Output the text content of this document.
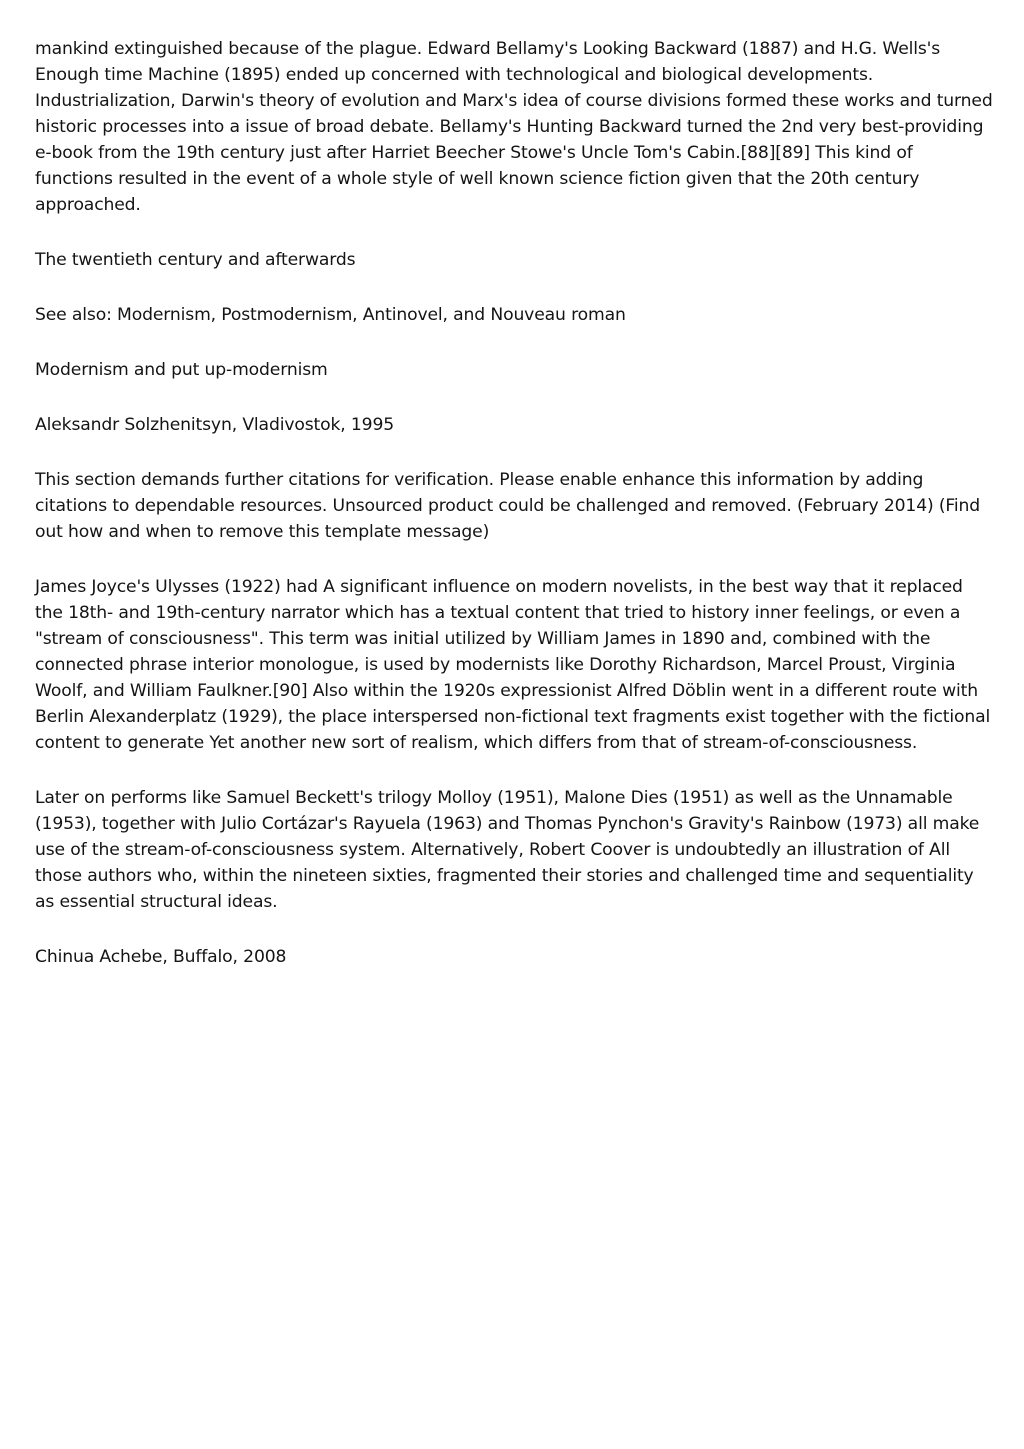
mankind extinguished because of the plague. Edward Bellamy's Looking Backward (1887) and H.G. Wells's Enough time Machine (1895) ended up concerned with technological and biological developments. Industrialization, Darwin's theory of evolution and Marx's idea of course divisions formed these works and turned historic processes into a issue of broad debate. Bellamy's Hunting Backward turned the 2nd very best-providing e-book from the 19th century just after Harriet Beecher Stowe's Uncle Tom's Cabin.[88][89] This kind of functions resulted in the event of a whole style of well known science fiction given that the 20th century approached.

The twentieth century and afterwards

See also: Modernism, Postmodernism, Antinovel, and Nouveau roman

Modernism and put up-modernism

Aleksandr Solzhenitsyn, Vladivostok, 1995

This section demands further citations for verification. Please enable enhance this information by adding citations to dependable resources. Unsourced product could be challenged and removed. (February 2014) (Find out how and when to remove this template message)

James Joyce's Ulysses (1922) had A significant influence on modern novelists, in the best way that it replaced the 18th- and 19th-century narrator which has a textual content that tried to history inner feelings, or even a "stream of consciousness". This term was initial utilized by William James in 1890 and, combined with the connected phrase interior monologue, is used by modernists like Dorothy Richardson, Marcel Proust, Virginia Woolf, and William Faulkner.[90] Also within the 1920s expressionist Alfred Döblin went in a different route with Berlin Alexanderplatz (1929), the place interspersed non-fictional text fragments exist together with the fictional content to generate Yet another new sort of realism, which differs from that of stream-of-consciousness.

Later on performs like Samuel Beckett's trilogy Molloy (1951), Malone Dies (1951) as well as the Unnamable (1953), together with Julio Cortázar's Rayuela (1963) and Thomas Pynchon's Gravity's Rainbow (1973) all make use of the stream-of-consciousness system. Alternatively, Robert Coover is undoubtedly an illustration of All those authors who, within the nineteen sixties, fragmented their stories and challenged time and sequentiality as essential structural ideas.

Chinua Achebe, Buffalo, 2008
